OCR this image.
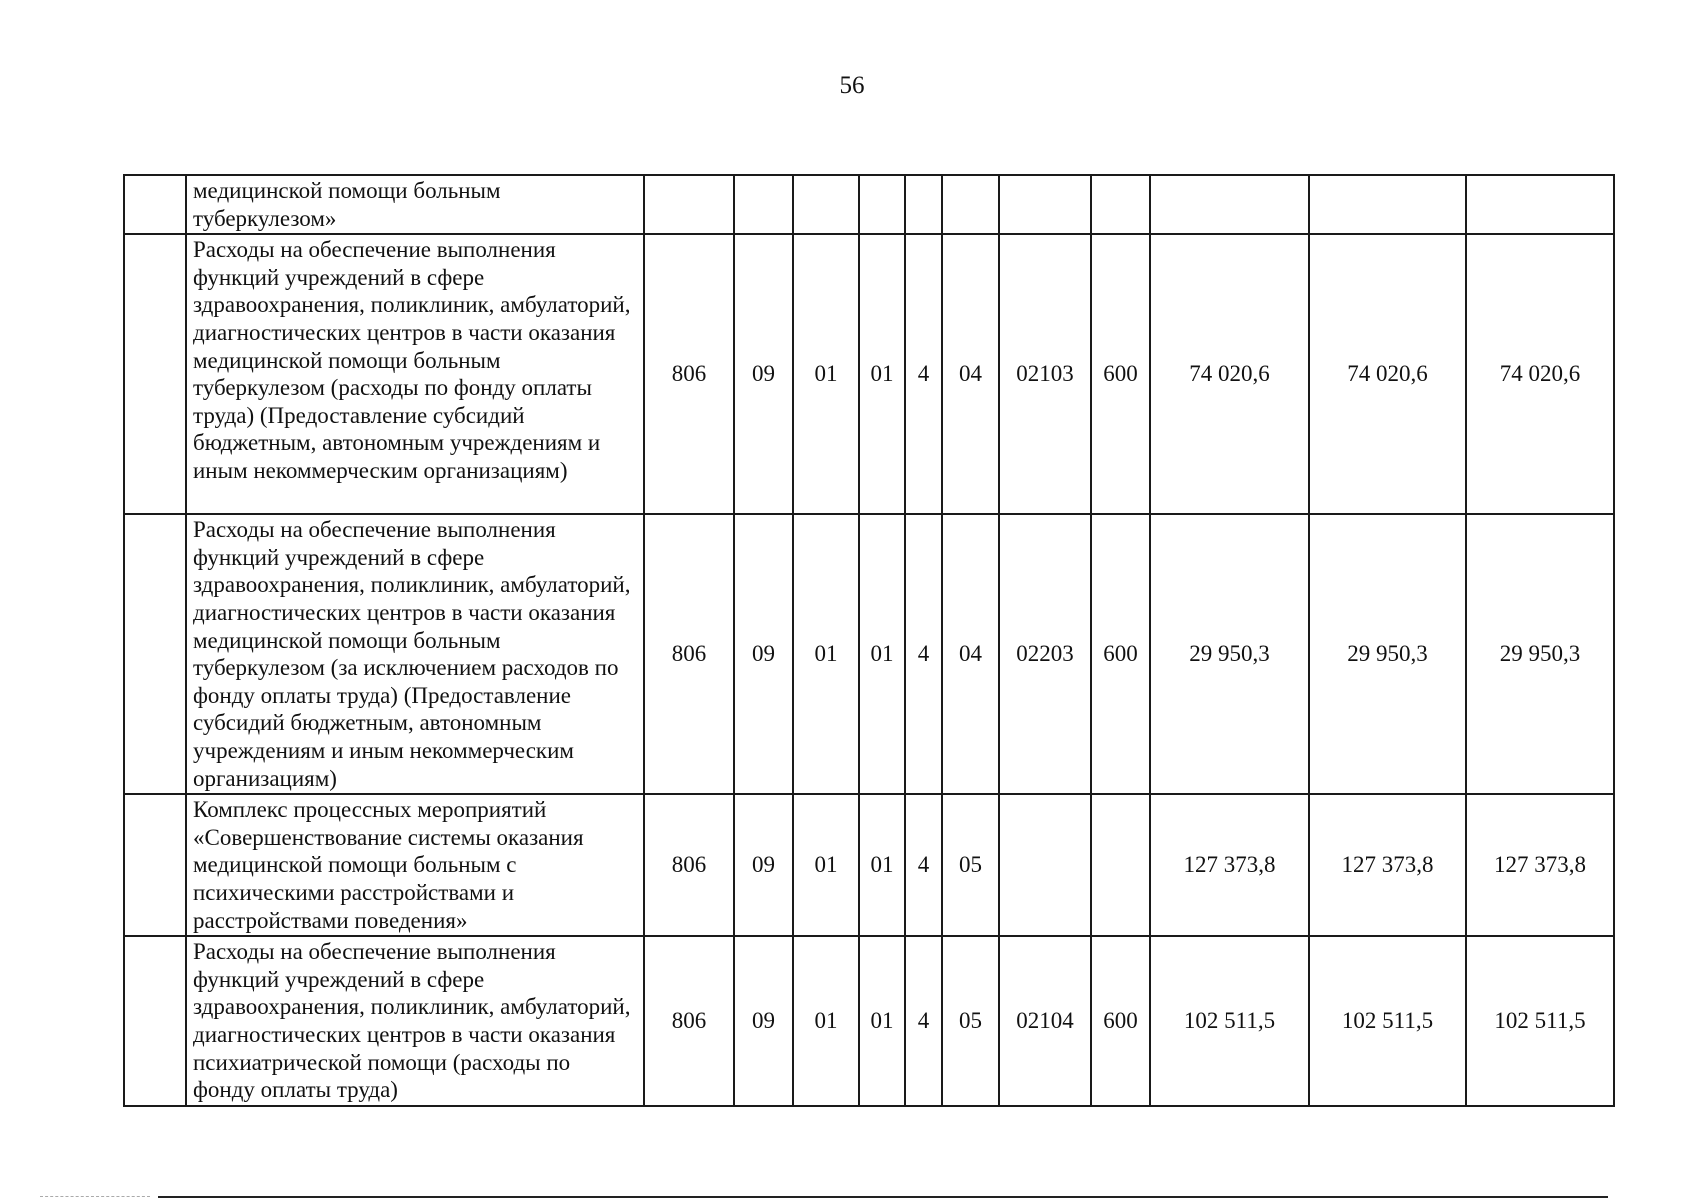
56
	медицинской помощи больным туберкулезом»											
	Расходы на обеспечение выполнения функций учреждений в сфере здравоохранения, поликлиник, амбулаторий, диагностических центров в части оказания медицинской помощи больным туберкулезом (расходы по фонду оплаты труда) (Предоставление субсидий бюджетным, автономным учреждениям и иным некоммерческим организациям)	806	09	01	01	4	04	02103	600	74 020,6	74 020,6	74 020,6
	Расходы на обеспечение выполнения функций учреждений в сфере здравоохранения, поликлиник, амбулаторий, диагностических центров в части оказания медицинской помощи больным туберкулезом (за исключением расходов по фонду оплаты труда) (Предоставление субсидий бюджетным, автономным учреждениям и иным некоммерческим организациям)	806	09	01	01	4	04	02203	600	29 950,3	29 950,3	29 950,3
	Комплекс процессных мероприятий «Совершенствование системы оказания медицинской помощи больным с психическими расстройствами и расстройствами поведения»	806	09	01	01	4	05			127 373,8	127 373,8	127 373,8
	Расходы на обеспечение выполнения функций учреждений в сфере здравоохранения, поликлиник, амбулаторий, диагностических центров в части оказания психиатрической помощи (расходы по фонду оплаты труда)	806	09	01	01	4	05	02104	600	102 511,5	102 511,5	102 511,5
